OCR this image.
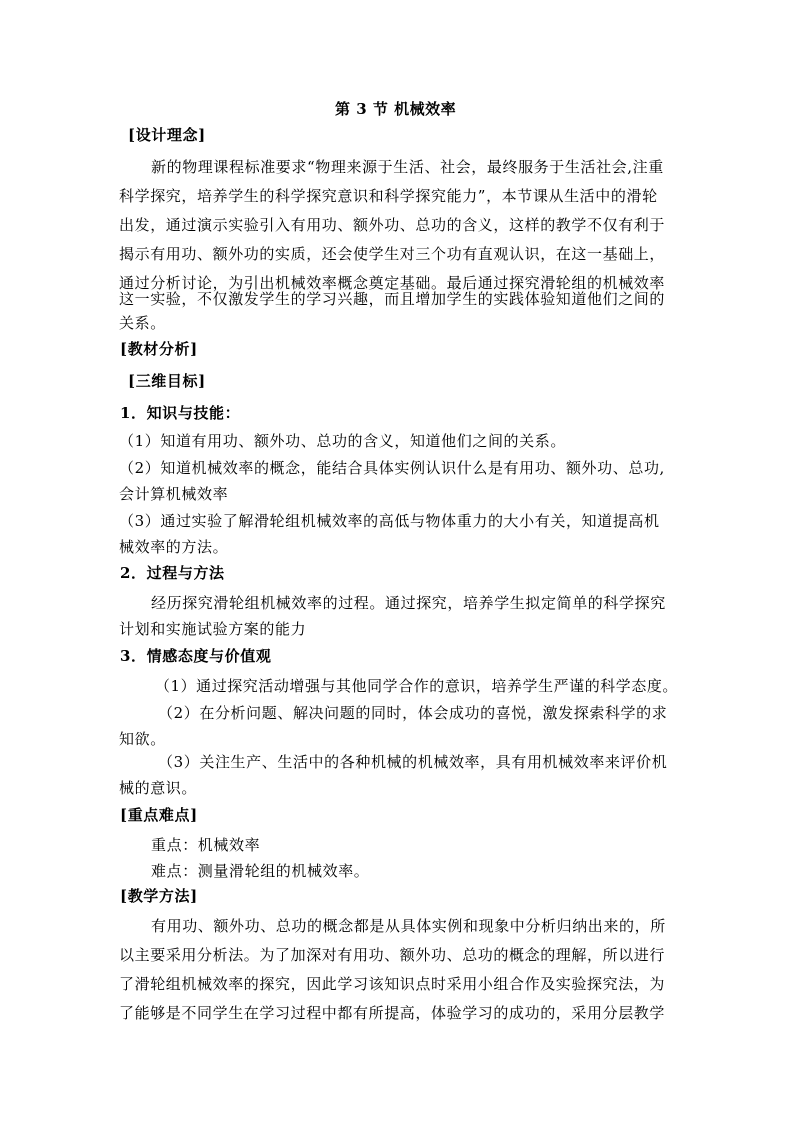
第 3 节 机械效率
[设计理念]
新的物理课程标准要求“物理来源于生活、社会，最终服务于生活社会,注重
科学探究，培养学生的科学探究意识和科学探究能力”，本节课从生活中的滑轮
出发，通过演示实验引入有用功、额外功、总功的含义，这样的教学不仅有利于
揭示有用功、额外功的实质，还会使学生对三个功有直观认识，在这一基础上，
通过分析讨论，为引出机械效率概念奠定基础。最后通过探究滑轮组的机械效率
这一实验，不仅激发学生的学习兴趣，而且增加学生的实践体验知道他们之间的
关系。
[教材分析]
[三维目标]
1．知识与技能：
（1）知道有用功、额外功、总功的含义，知道他们之间的关系。
（2）知道机械效率的概念，能结合具体实例认识什么是有用功、额外功、总功,
会计算机械效率
（3）通过实验了解滑轮组机械效率的高低与物体重力的大小有关，知道提高机
械效率的方法。
2．过程与方法
经历探究滑轮组机械效率的过程。通过探究，培养学生拟定简单的科学探究
计划和实施试验方案的能力
3．情感态度与价值观
（1）通过探究活动增强与其他同学合作的意识，培养学生严谨的科学态度。
（2）在分析问题、解决问题的同时，体会成功的喜悦，激发探索科学的求
知欲。
（3）关注生产、生活中的各种机械的机械效率，具有用机械效率来评价机
械的意识。
[重点难点]
重点：机械效率
难点：测量滑轮组的机械效率。
[教学方法]
有用功、额外功、总功的概念都是从具体实例和现象中分析归纳出来的，所
以主要采用分析法。为了加深对有用功、额外功、总功的概念的理解，所以进行
了滑轮组机械效率的探究，因此学习该知识点时采用小组合作及实验探究法，为
了能够是不同学生在学习过程中都有所提高，体验学习的成功的，采用分层教学
